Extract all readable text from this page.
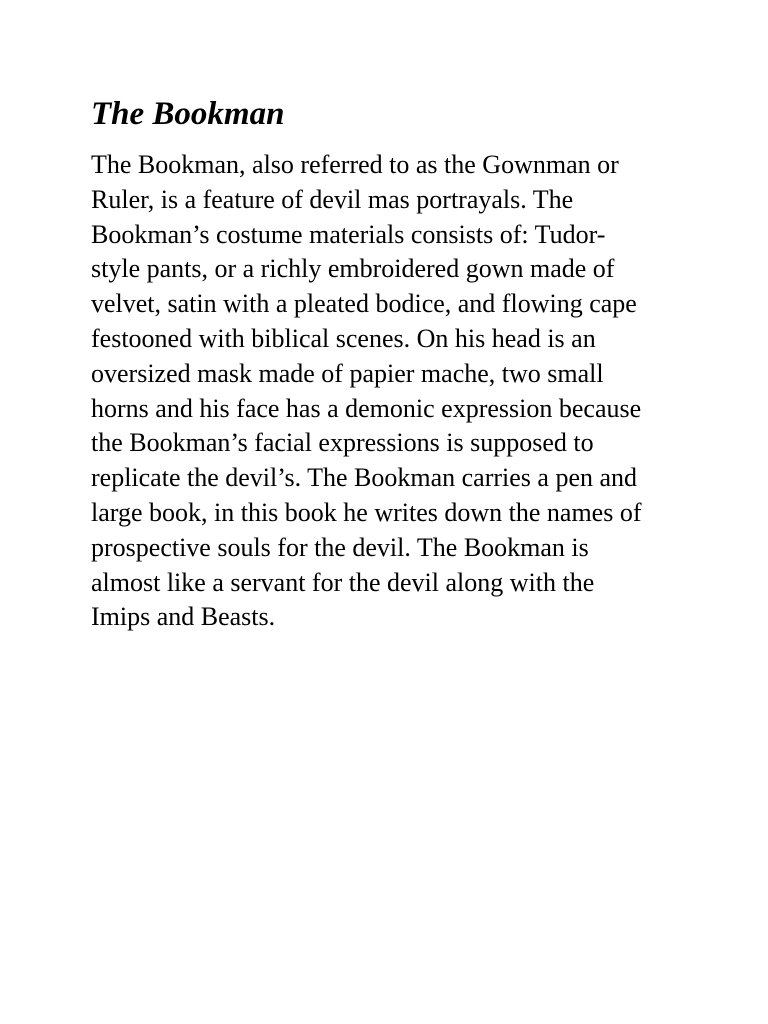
The Bookman
The Bookman, also referred to as the Gownman or
Ruler, is a feature of devil mas portrayals. The
Bookman’s costume materials consists of: Tudor-
style pants, or a richly embroidered gown made of
velvet, satin with a pleated bodice, and flowing cape
festooned with biblical scenes. On his head is an
oversized mask made of papier mache, two small
horns and his face has a demonic expression because
the Bookman’s facial expressions is supposed to
replicate the devil’s. The Bookman carries a pen and
large book, in this book he writes down the names of
prospective souls for the devil. The Bookman is
almost like a servant for the devil along with the
Imips and Beasts.
